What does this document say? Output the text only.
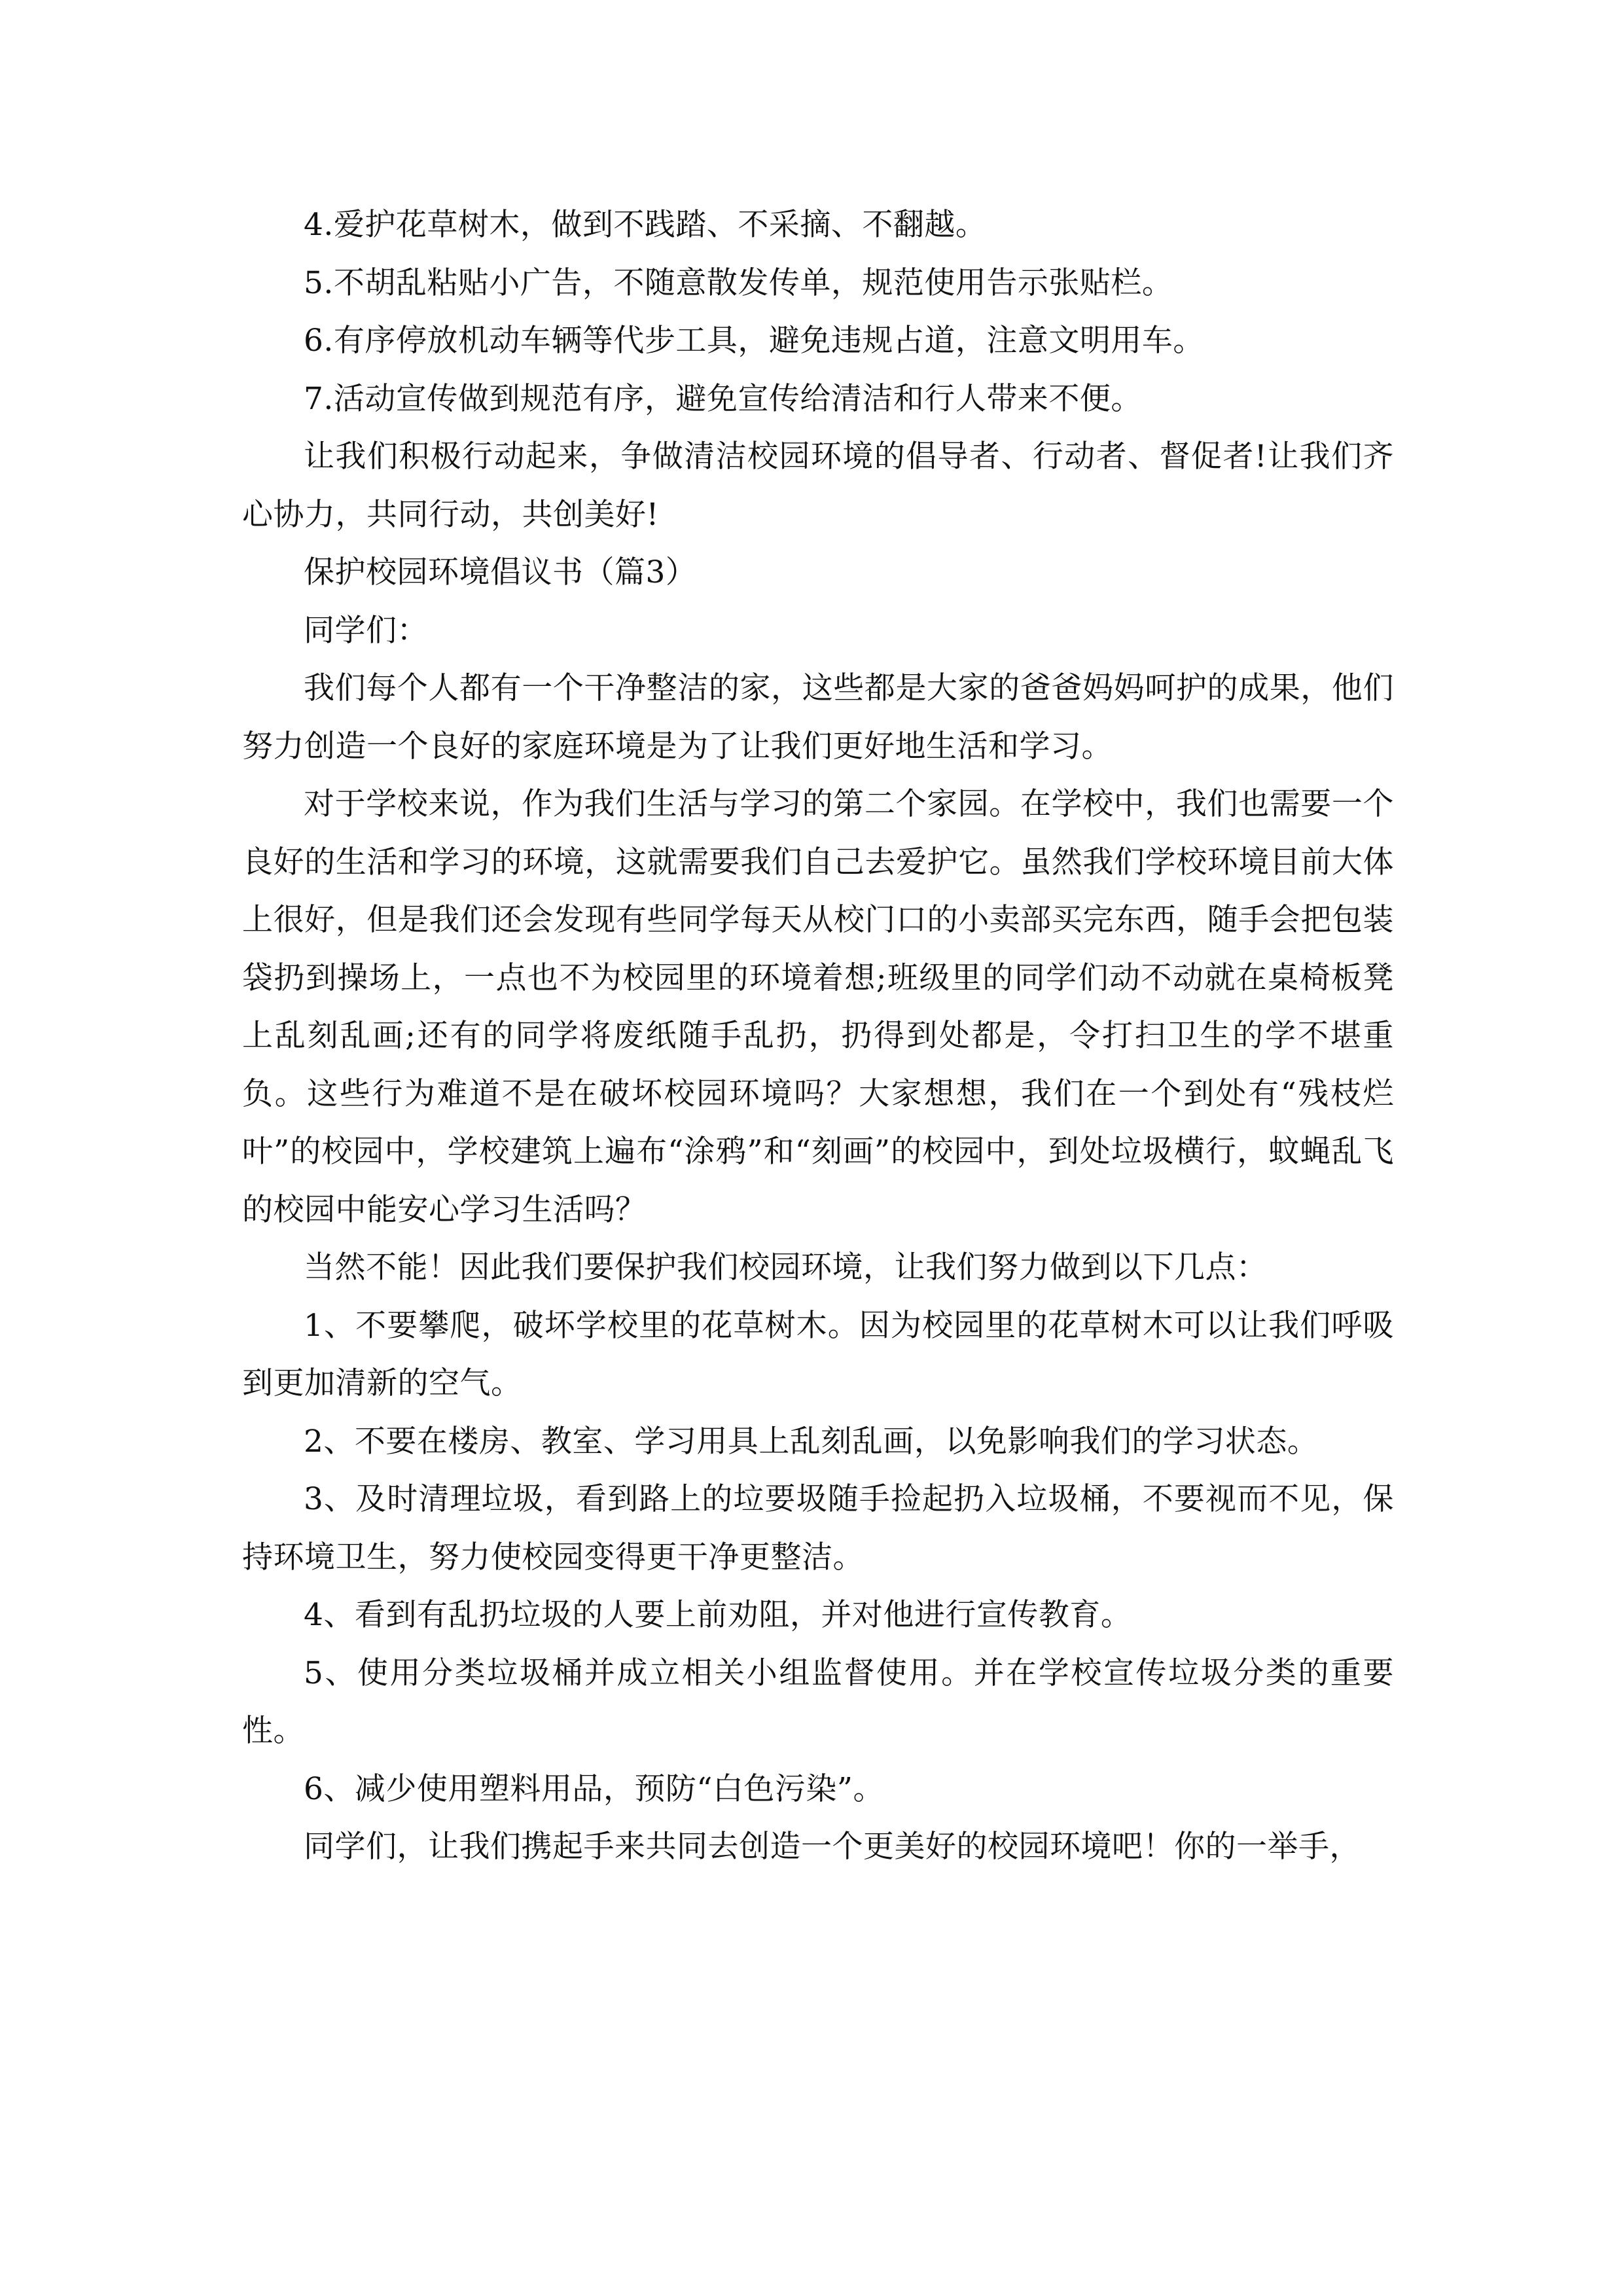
4.爱护花草树木，做到不践踏、不采摘、不翻越。

5.不胡乱粘贴小广告，不随意散发传单，规范使用告示张贴栏。

6.有序停放机动车辆等代步工具，避免违规占道，注意文明用车。

7.活动宣传做到规范有序，避免宣传给清洁和行人带来不便。

让我们积极行动起来，争做清洁校园环境的倡导者、行动者、督促者!让我们齐心协力，共同行动，共创美好!

保护校园环境倡议书（篇3）

同学们：

我们每个人都有一个干净整洁的家，这些都是大家的爸爸妈妈呵护的成果，他们努力创造一个良好的家庭环境是为了让我们更好地生活和学习。

对于学校来说，作为我们生活与学习的第二个家园。在学校中，我们也需要一个良好的生活和学习的环境，这就需要我们自己去爱护它。虽然我们学校环境目前大体上很好，但是我们还会发现有些同学每天从校门口的小卖部买完东西，随手会把包装袋扔到操场上，一点也不为校园里的环境着想;班级里的同学们动不动就在桌椅板凳上乱刻乱画;还有的同学将废纸随手乱扔，扔得到处都是，令打扫卫生的学不堪重负。这些行为难道不是在破坏校园环境吗？大家想想，我们在一个到处有“残枝烂叶”的校园中，学校建筑上遍布“涂鸦”和“刻画”的校园中，到处垃圾横行，蚊蝇乱飞的校园中能安心学习生活吗？

当然不能！因此我们要保护我们校园环境，让我们努力做到以下几点：

1、不要攀爬，破坏学校里的花草树木。因为校园里的花草树木可以让我们呼吸到更加清新的空气。

2、不要在楼房、教室、学习用具上乱刻乱画，以免影响我们的学习状态。

3、及时清理垃圾，看到路上的垃要圾随手捡起扔入垃圾桶，不要视而不见，保持环境卫生，努力使校园变得更干净更整洁。

4、看到有乱扔垃圾的人要上前劝阻，并对他进行宣传教育。

5、使用分类垃圾桶并成立相关小组监督使用。并在学校宣传垃圾分类的重要性。

6、减少使用塑料用品，预防“白色污染”。

同学们，让我们携起手来共同去创造一个更美好的校园环境吧！你的一举手，
